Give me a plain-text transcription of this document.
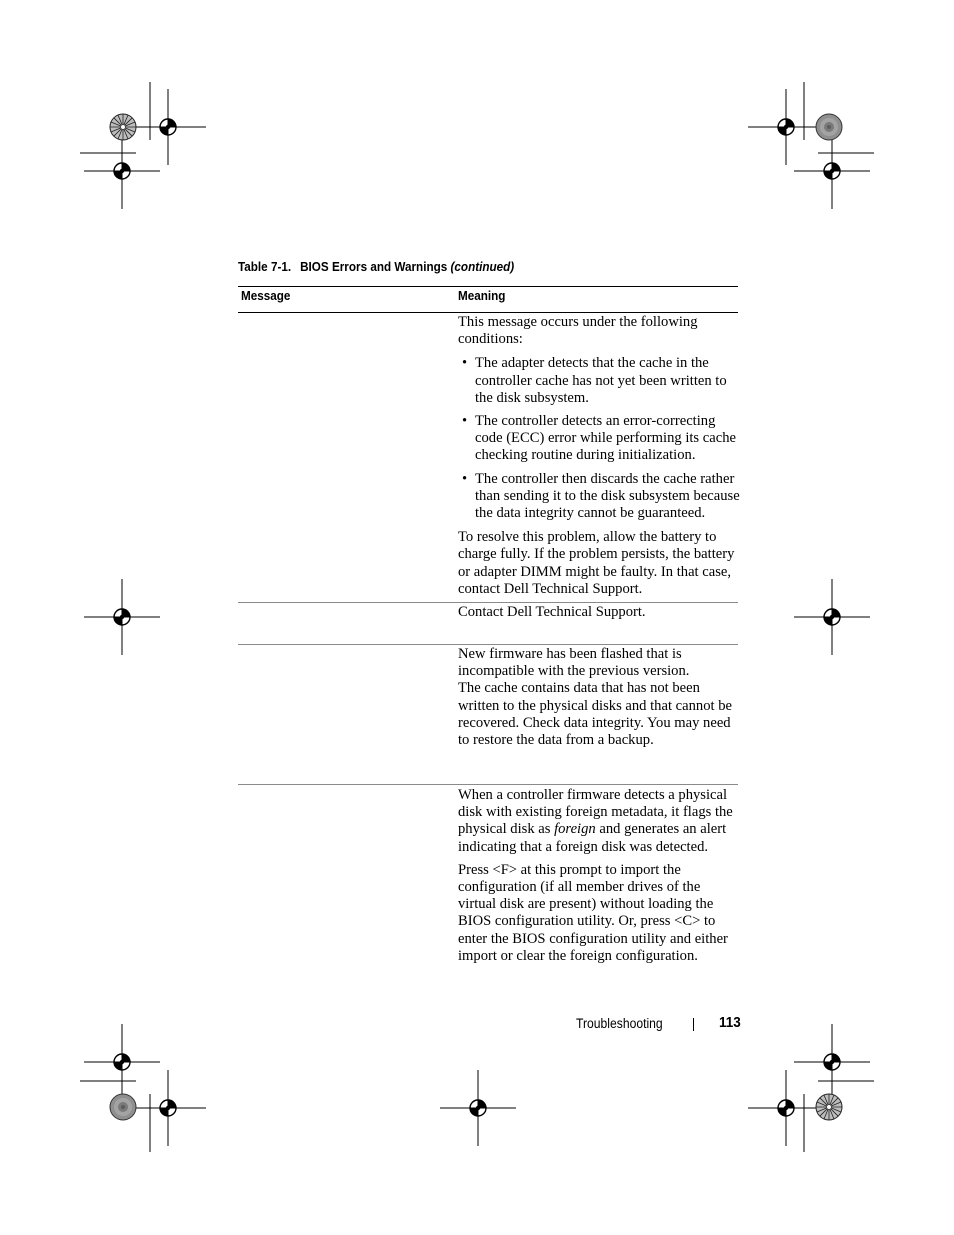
Table 7-1. BIOS Errors and Warnings (continued)
Message	Meaning

This message occurs under the following conditions:

• The adapter detects that the cache in the controller cache has not yet been written to the disk subsystem.
• The controller detects an error-correcting code (ECC) error while performing its cache checking routine during initialization.
• The controller then discards the cache rather than sending it to the disk subsystem because the data integrity cannot be guaranteed.

To resolve this problem, allow the battery to charge fully. If the problem persists, the battery or adapter DIMM might be faulty. In that case, contact Dell Technical Support.

Contact Dell Technical Support.

New firmware has been flashed that is incompatible with the previous version.

The cache contains data that has not been written to the physical disks and that cannot be recovered. Check data integrity. You may need to restore the data from a backup.

When a controller firmware detects a physical disk with existing foreign metadata, it flags the physical disk as foreign and generates an alert indicating that a foreign disk was detected.

Press <F> at this prompt to import the configuration (if all member drives of the virtual disk are present) without loading the BIOS configuration utility. Or, press <C> to enter the BIOS configuration utility and either import or clear the foreign configuration.

Troubleshooting	113
